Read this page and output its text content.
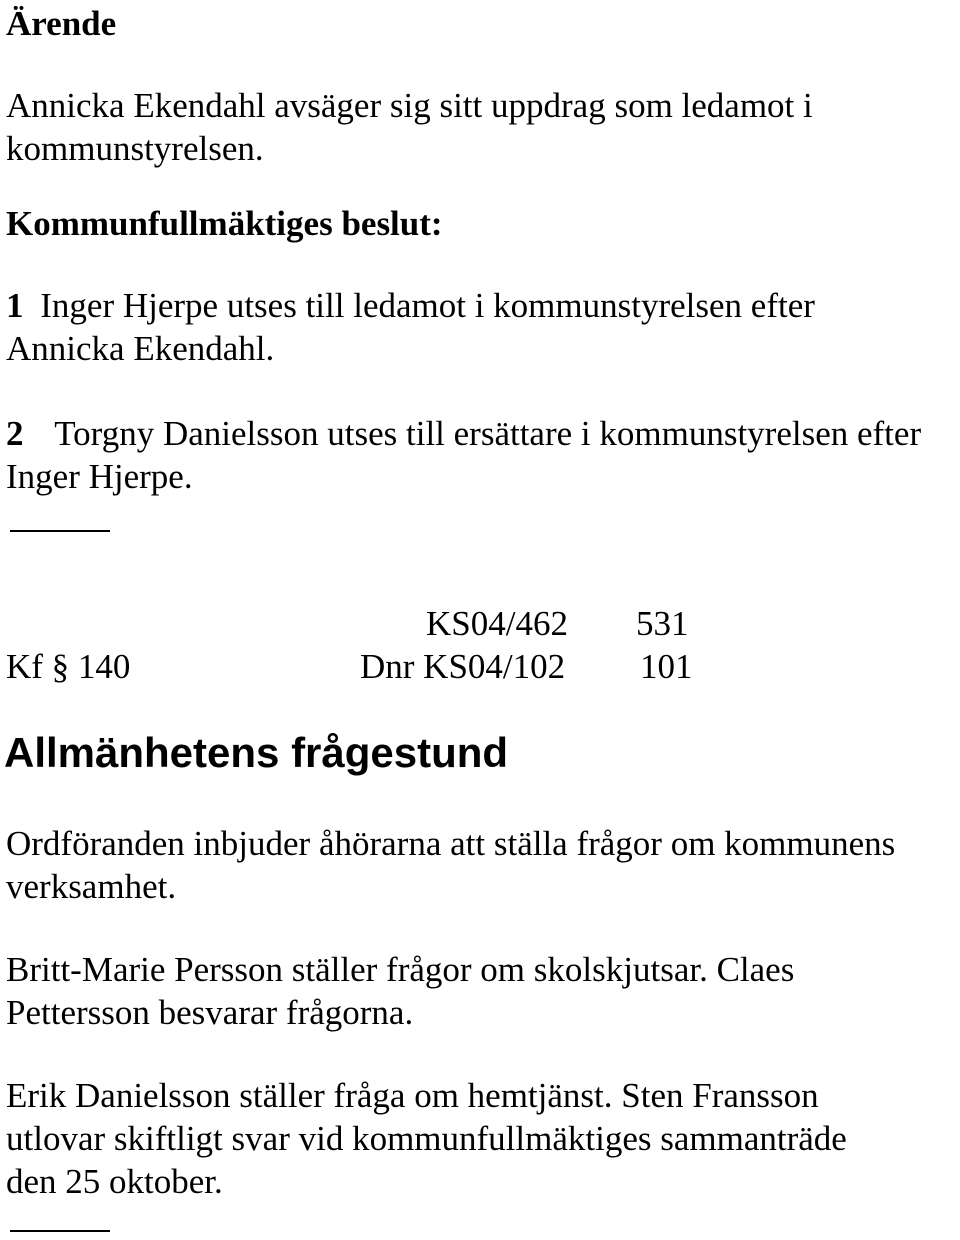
Ärende
Annicka Ekendahl avsäger sig sitt uppdrag som ledamot i
kommunstyrelsen.
Kommunfullmäktiges beslut:
1 Inger Hjerpe utses till ledamot i kommunstyrelsen efter
Annicka Ekendahl.
2 Torgny Danielsson utses till ersättare i kommunstyrelsen efter
Inger Hjerpe.
KS04/462 531
Kf § 140	Dnr KS04/102 101
Allmänhetens frågestund
Ordföranden inbjuder åhörarna att ställa frågor om kommunens
verksamhet.
Britt-Marie Persson ställer frågor om skolskjutsar. Claes
Pettersson besvarar frågorna.
Erik Danielsson ställer fråga om hemtjänst. Sten Fransson
utlovar skiftligt svar vid kommunfullmäktiges sammanträde
den 25 oktober.
